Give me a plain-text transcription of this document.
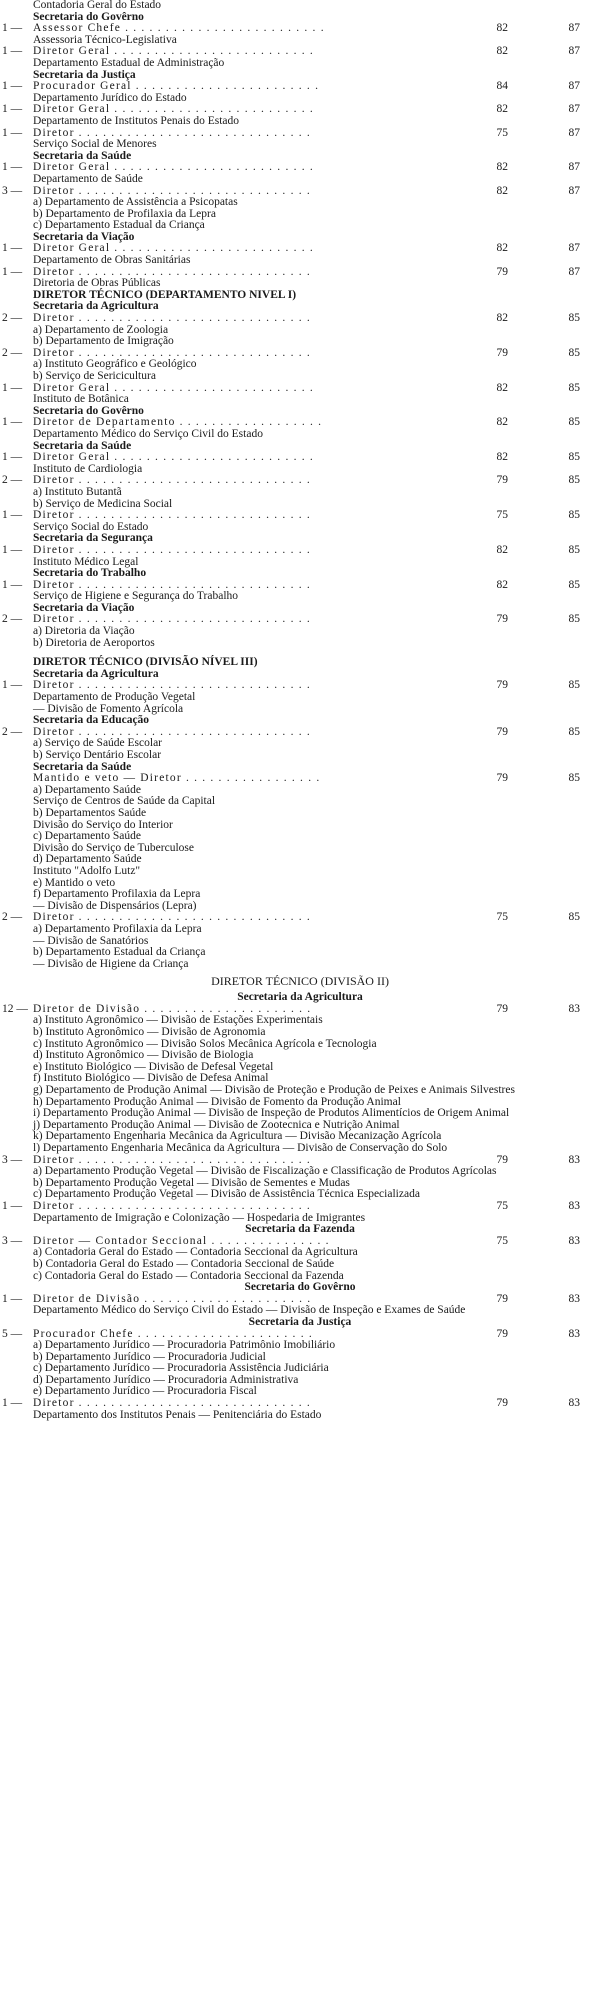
Contadoria Geral do Estado
Secretaria do Govêrno
1 — Assessor Chefe . . . . . . . . . . . . . . . . . . . . . . . . .	82	87
Assessoria Técnico-Legislativa
1 — Diretor Geral . . . . . . . . . . . . . . . . . . . . . . . . .	82	87
Departamento Estadual de Administração
Secretaria da Justiça
1 — Procurador Geral . . . . . . . . . . . . . . . . . . . . . . .	84	87
Departamento Jurídico do Estado
1 — Diretor Geral . . . . . . . . . . . . . . . . . . . . . . . . .	82	87
Departamento de Institutos Penais do Estado
1 — Diretor . . . . . . . . . . . . . . . . . . . . . . . . . . . . .	75	87
Serviço Social de Menores
Secretaria da Saúde
1 — Diretor Geral . . . . . . . . . . . . . . . . . . . . . . . . .	82	87
Departamento de Saúde
3 — Diretor . . . . . . . . . . . . . . . . . . . . . . . . . . . . .	82	87
a) Departamento de Assistência a Psicopatas
b) Departamento de Profilaxia da Lepra
c) Departamento Estadual da Criança
Secretaria da Viação
1 — Diretor Geral . . . . . . . . . . . . . . . . . . . . . . . . .	82	87
Departamento de Obras Sanitárias
1 — Diretor . . . . . . . . . . . . . . . . . . . . . . . . . . . . .	79	87
Diretoria de Obras Públicas
DIRETOR TÉCNICO (DEPARTAMENTO NIVEL I)
Secretaria da Agricultura
2 — Diretor . . . . . . . . . . . . . . . . . . . . . . . . . . . . .	82	85
a) Departamento de Zoologia
b) Departamento de Imigração
2 — Diretor . . . . . . . . . . . . . . . . . . . . . . . . . . . . .	79	85
a) Instituto Geográfico e Geológico
b) Serviço de Sericicultura
1 — Diretor Geral . . . . . . . . . . . . . . . . . . . . . . . . .	82	85
Instituto de Botânica
Secretaria do Govêrno
1 — Diretor de Departamento . . . . . . . . . . . . . . . . . .	82	85
Departamento Médico do Serviço Civil do Estado
Secretaria da Saúde
1 — Diretor Geral . . . . . . . . . . . . . . . . . . . . . . . . .	82	85
Instituto de Cardiologia
2 — Diretor . . . . . . . . . . . . . . . . . . . . . . . . . . . . .	79	85
a) Instituto Butantã
b) Serviço de Medicina Social
1 — Diretor . . . . . . . . . . . . . . . . . . . . . . . . . . . . .	75	85
Serviço Social do Estado
Secretaria da Segurança
1 — Diretor . . . . . . . . . . . . . . . . . . . . . . . . . . . . .	82	85
Instituto Médico Legal
Secretaria do Trabalho
1 — Diretor . . . . . . . . . . . . . . . . . . . . . . . . . . . . .	82	85
Serviço de Higiene e Segurança do Trabalho
Secretaria da Viação
2 — Diretor . . . . . . . . . . . . . . . . . . . . . . . . . . . . .	79	85
a) Diretoria da Viação
b) Diretoria de Aeroportos
DIRETOR TÉCNICO (DIVISÃO NÍVEL III)
Secretaria da Agricultura
1 — Diretor . . . . . . . . . . . . . . . . . . . . . . . . . . . . .	79	85
Departamento de Produção Vegetal
— Divisão de Fomento Agrícola
Secretaria da Educação
2 — Diretor . . . . . . . . . . . . . . . . . . . . . . . . . . . . .	79	85
a) Serviço de Saúde Escolar
b) Serviço Dentário Escolar
Secretaria da Saúde
Mantido e veto — Diretor . . . . . . . . . . . . . . . . .	79	85
a) Departamento Saúde
Serviço de Centros de Saúde da Capital
b) Departamentos Saúde
Divisão do Serviço do Interior
c) Departamento Saúde
Divisão do Serviço de Tuberculose
d) Departamento Saúde
Instituto "Adolfo Lutz"
e) Mantido o veto
f) Departamento Profilaxia da Lepra
— Divisão de Dispensários (Lepra)
2 — Diretor . . . . . . . . . . . . . . . . . . . . . . . . . . . . .	75	85
a) Departamento Profilaxia da Lepra
— Divisão de Sanatórios
b) Departamento Estadual da Criança
— Divisão de Higiene da Criança
DIRETOR TÉCNICO (DIVISÃO II)
Secretaria da Agricultura
12 — Diretor de Divisão . . . . . . . . . . . . . . . . . . . . .	79	83
a) Instituto Agronômico — Divisão de Estações Experimentais
b) Instituto Agronômico — Divisão de Agronomia
c) Instituto Agronômico — Divisão Solos Mecânica Agrícola e Tecnologia
d) Instituto Agronômico — Divisão de Biologia
e) Instituto Biológico — Divisão de Defesal Vegetal
f) Instituto Biológico — Divisão de Defesa Animal
g) Departamento de Produção Animal — Divisão de Proteção e Produção de Peixes e Animais Silvestres
h) Departamento Produção Animal — Divisão de Fomento da Produção Animal
i) Departamento Produção Animal — Divisão de Inspeção de Produtos Alimentícios de Origem Animal
j) Departamento Produção Animal — Divisão de Zootecnica e Nutrição Animal
k) Departamento Engenharia Mecânica da Agricultura — Divisão Mecanização Agrícola
l) Departamento Engenharia Mecânica da Agricultura — Divisão de Conservação do Solo
3 — Diretor . . . . . . . . . . . . . . . . . . . . . . . . . . . . .	79	83
a) Departamento Produção Vegetal — Divisão de Fiscalização e Classificação de Produtos Agrícolas
b) Departamento Produção Vegetal — Divisão de Sementes e Mudas
c) Departamento Produção Vegetal — Divisão de Assistência Técnica Especializada
1 — Diretor . . . . . . . . . . . . . . . . . . . . . . . . . . . . .	75	83
Departamento de Imigração e Colonização — Hospedaria de Imigrantes
Secretaria da Fazenda
3 — Diretor — Contador Seccional . . . . . . . . . . . . . . .	75	83
a) Contadoria Geral do Estado — Contadoria Seccional da Agricultura
b) Contadoria Geral do Estado — Contadoria Seccional de Saúde
c) Contadoria Geral do Estado — Contadoria Seccional da Fazenda
Secretaria do Govêrno
1 — Diretor de Divisão . . . . . . . . . . . . . . . . . . . . .	79	83
Departamento Médico do Serviço Civil do Estado — Divisão de Inspeção e Exames de Saúde
Secretaria da Justiça
5 — Procurador Chefe . . . . . . . . . . . . . . . . . . . . . .	79	83
a) Departamento Jurídico — Procuradoria Patrimônio Imobiliário
b) Departamento Jurídico — Procuradoria Judicial
c) Departamento Jurídico — Procuradoria Assistência Judiciária
d) Departamento Jurídico — Procuradoria Administrativa
e) Departamento Jurídico — Procuradoria Fiscal
1 — Diretor . . . . . . . . . . . . . . . . . . . . . . . . . . . . .	79	83
Departamento dos Institutos Penais — Penitenciária do Estado
